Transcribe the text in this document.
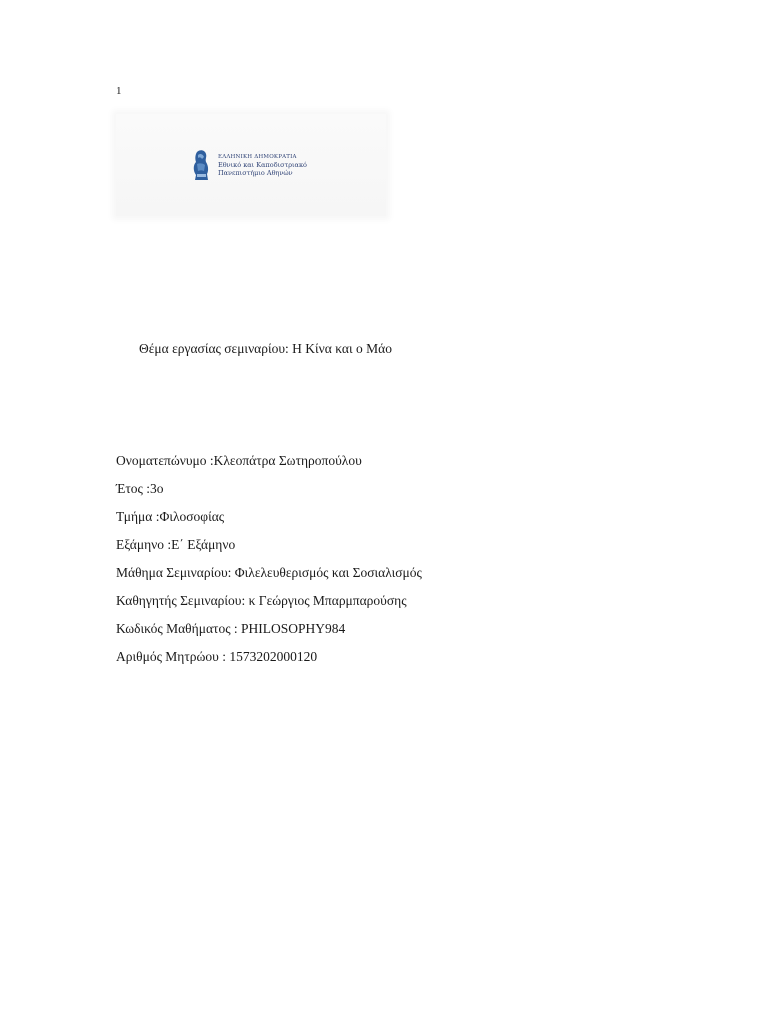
1
ΕΛΛΗΝΙΚΗ ΔΗΜΟΚΡΑΤΙΑ
Εθνικό και Καποδιστριακό
Πανεπιστήμιο Αθηνών
Θέμα εργασίας σεμιναρίου: Η Κίνα και ο Μάο
Ονοματεπώνυμο :Κλεοπάτρα Σωτηροπούλου
Έτος :3ο
Τμήμα :Φιλοσοφίας
Εξάμηνο :Ε΄ Εξάμηνο
Μάθημα Σεμιναρίου: Φιλελευθερισμός και Σοσιαλισμός
Καθηγητής Σεμιναρίου: κ Γεώργιος Μπαρμπαρούσης
Κωδικός Μαθήματος : PHILOSOPHY984
Αριθμός Μητρώου : 1573202000120
